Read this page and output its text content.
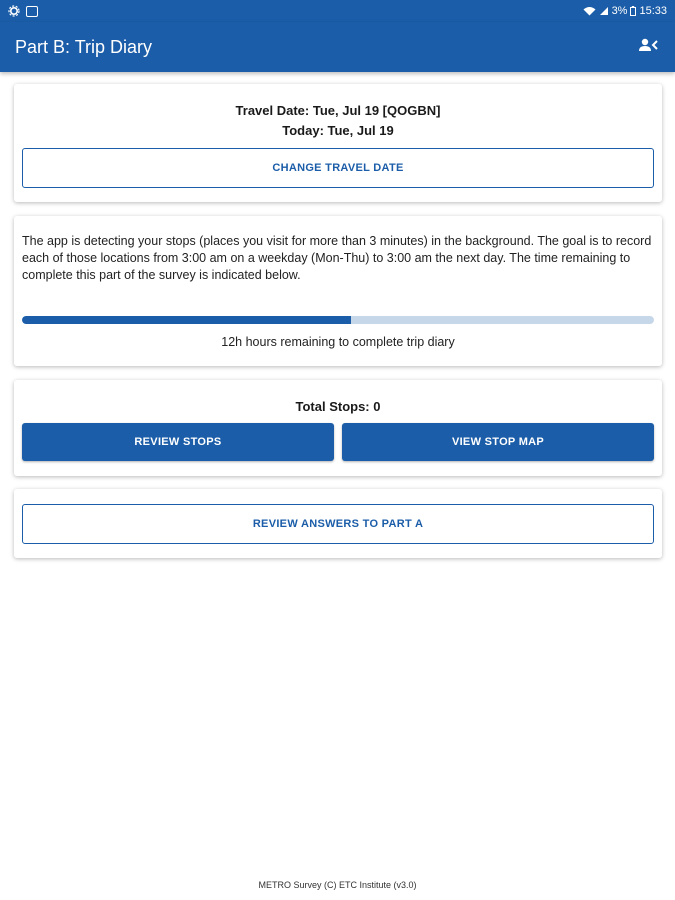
3% 15:33
Part B: Trip Diary
Travel Date: Tue, Jul 19 [QOGBN]
Today: Tue, Jul 19
CHANGE TRAVEL DATE
The app is detecting your stops (places you visit for more than 3 minutes) in the background. The goal is to record each of those locations from 3:00 am on a weekday (Mon-Thu) to 3:00 am the next day. The time remaining to complete this part of the survey is indicated below.
12h hours remaining to complete trip diary
Total Stops: 0
REVIEW STOPS	VIEW STOP MAP
REVIEW ANSWERS TO PART A
METRO Survey (C) ETC Institute (v3.0)
